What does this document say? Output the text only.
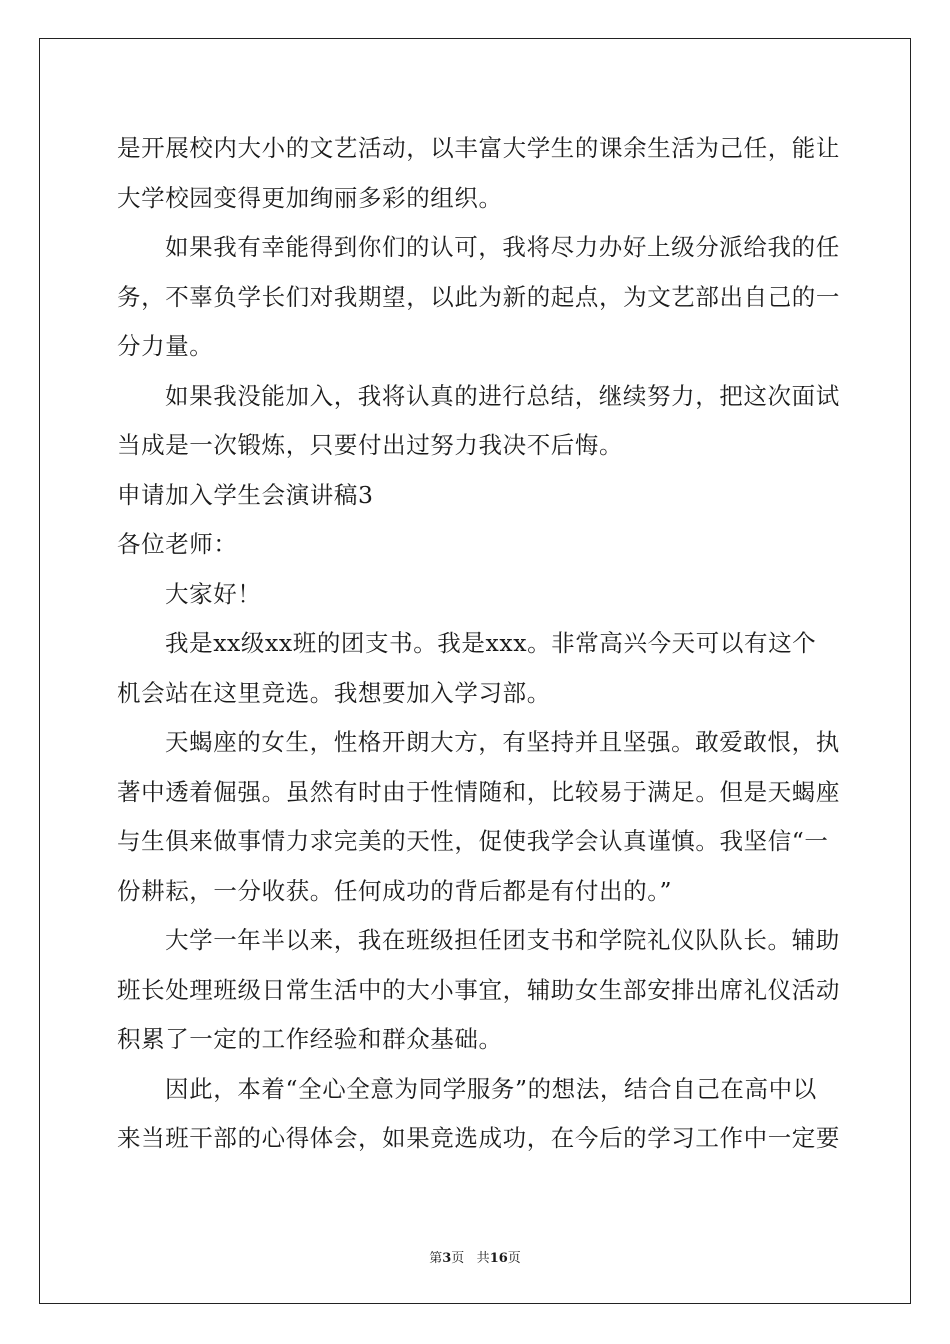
是开展校内大小的文艺活动，以丰富大学生的课余生活为己任，能让
大学校园变得更加绚丽多彩的组织。
如果我有幸能得到你们的认可，我将尽力办好上级分派给我的任
务，不辜负学长们对我期望，以此为新的起点，为文艺部出自己的一
分力量。
如果我没能加入，我将认真的进行总结，继续努力，把这次面试
当成是一次锻炼，只要付出过努力我决不后悔。
申请加入学生会演讲稿3
各位老师：
大家好！
我是xx级xx班的团支书。我是xxx。非常高兴今天可以有这个
机会站在这里竞选。我想要加入学习部。
天蝎座的女生，性格开朗大方，有坚持并且坚强。敢爱敢恨，执
著中透着倔强。虽然有时由于性情随和，比较易于满足。但是天蝎座
与生俱来做事情力求完美的天性，促使我学会认真谨慎。我坚信“一
份耕耘，一分收获。任何成功的背后都是有付出的。”
大学一年半以来，我在班级担任团支书和学院礼仪队队长。辅助
班长处理班级日常生活中的大小事宜，辅助女生部安排出席礼仪活动
积累了一定的工作经验和群众基础。
因此，本着“全心全意为同学服务”的想法，结合自己在高中以
来当班干部的心得体会，如果竞选成功，在今后的学习工作中一定要
第3页 共16页
